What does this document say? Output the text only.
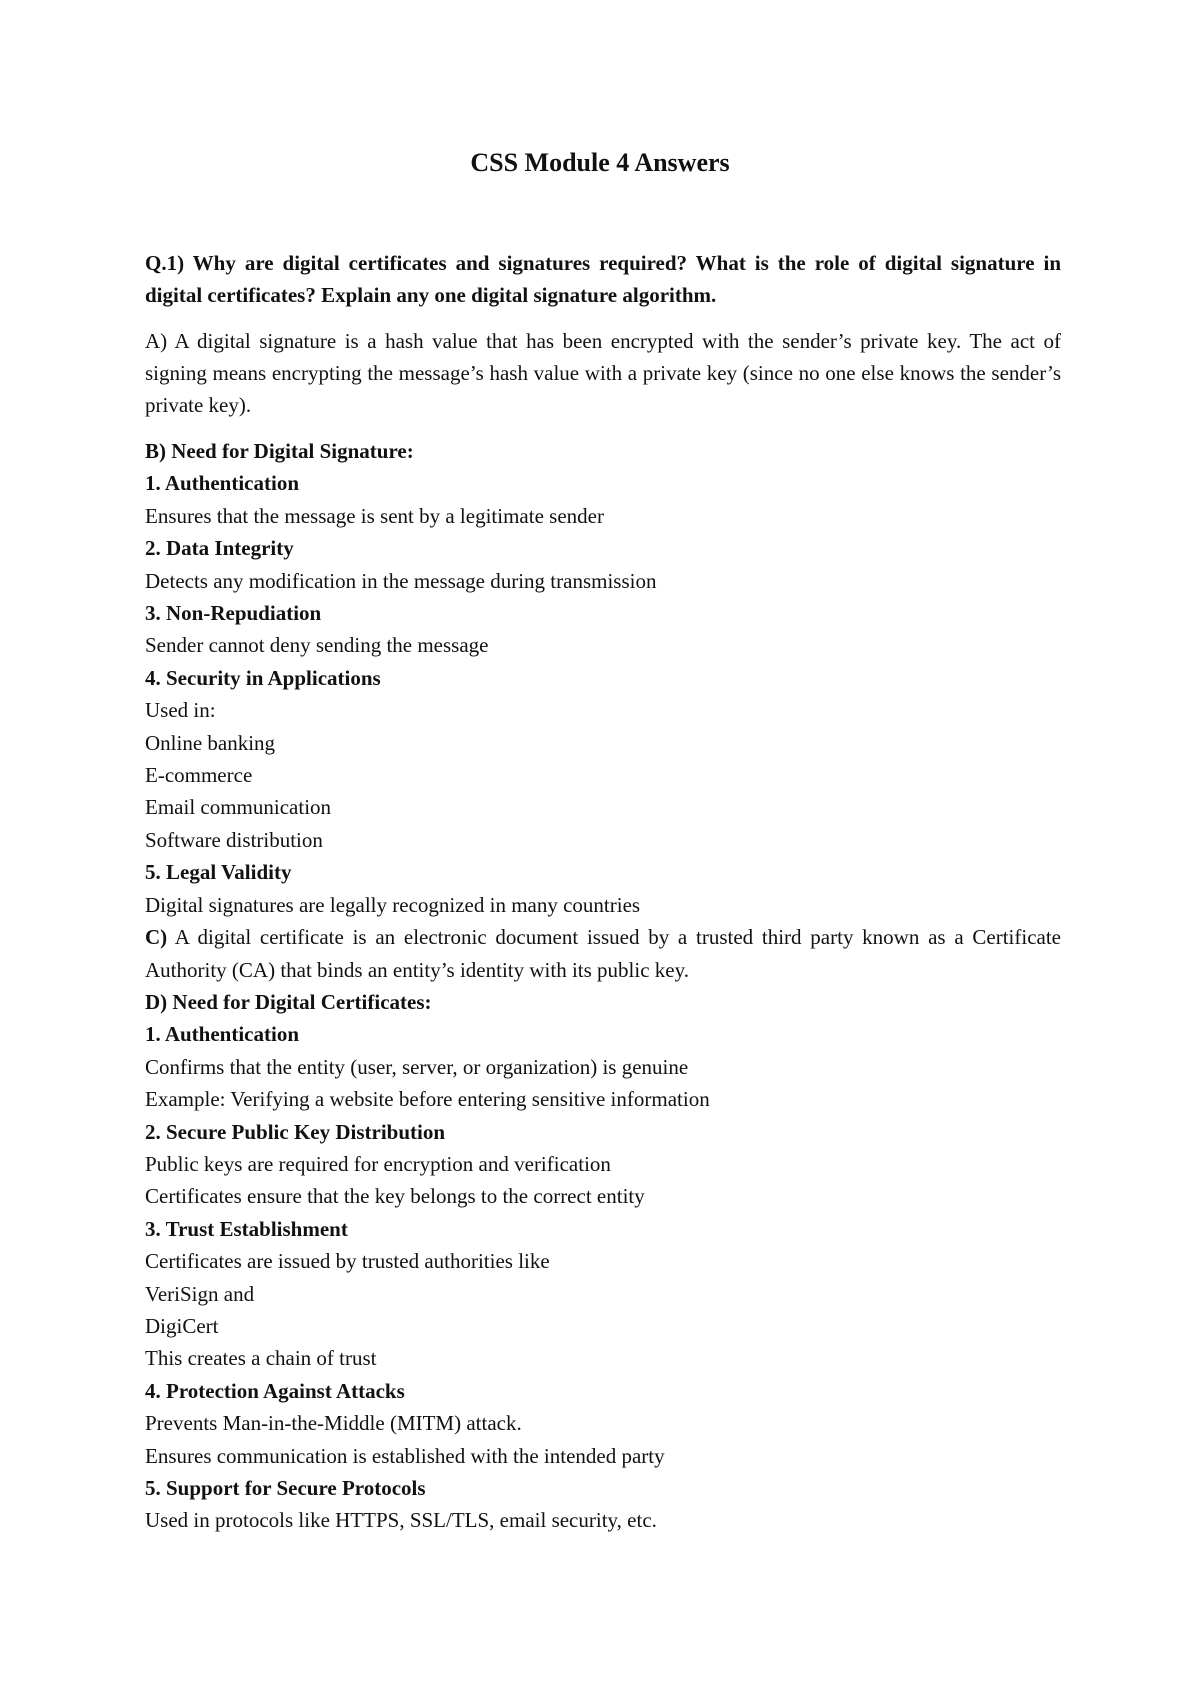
CSS Module 4 Answers

Q.1) Why are digital certificates and signatures required? What is the role of digital signature in digital certificates? Explain any one digital signature algorithm.

A) A digital signature is a hash value that has been encrypted with the sender’s private key. The act of signing means encrypting the message’s hash value with a private key (since no one else knows the sender’s private key).

B) Need for Digital Signature:

1. Authentication

Ensures that the message is sent by a legitimate sender

2. Data Integrity

Detects any modification in the message during transmission

3. Non-Repudiation

Sender cannot deny sending the message

4. Security in Applications

Used in:

Online banking

E-commerce

Email communication

Software distribution

5. Legal Validity

Digital signatures are legally recognized in many countries

C) A digital certificate is an electronic document issued by a trusted third party known as a Certificate Authority (CA) that binds an entity’s identity with its public key.

D) Need for Digital Certificates:

1. Authentication

Confirms that the entity (user, server, or organization) is genuine

Example: Verifying a website before entering sensitive information

2. Secure Public Key Distribution

Public keys are required for encryption and verification

Certificates ensure that the key belongs to the correct entity

3. Trust Establishment

Certificates are issued by trusted authorities like

VeriSign and

DigiCert

This creates a chain of trust

4. Protection Against Attacks

Prevents Man-in-the-Middle (MITM) attack.

Ensures communication is established with the intended party

5. Support for Secure Protocols

Used in protocols like HTTPS, SSL/TLS, email security, etc.
